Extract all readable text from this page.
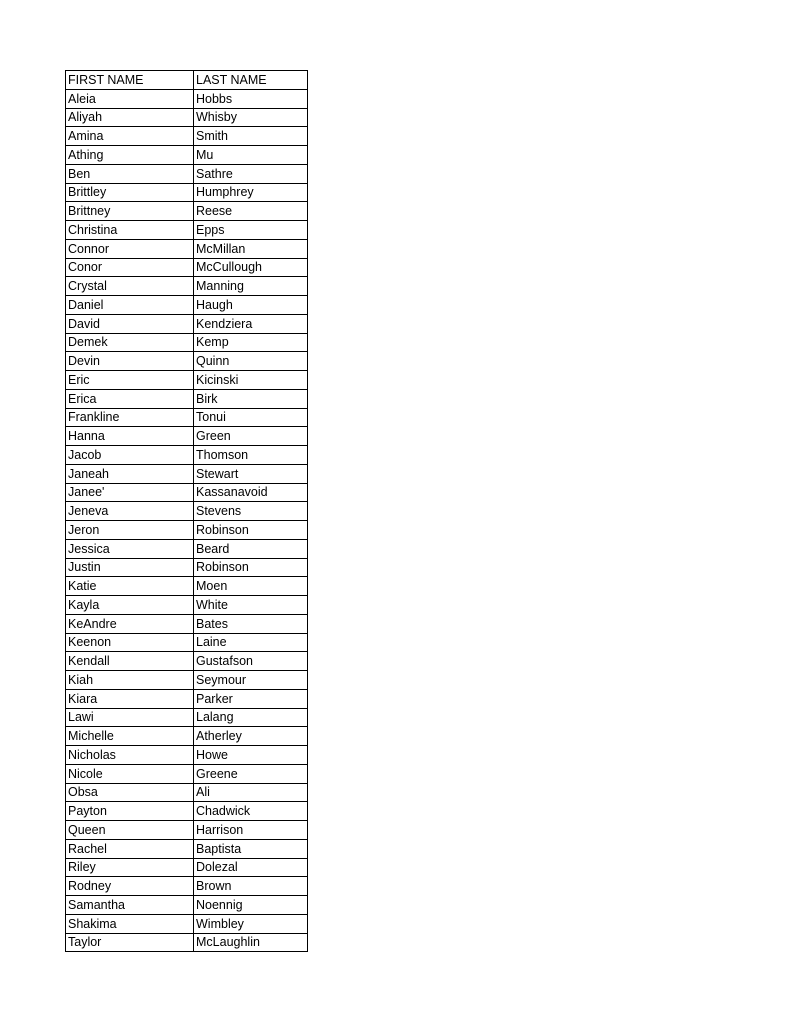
FIRST NAME	LAST NAME
Aleia	Hobbs
Aliyah	Whisby
Amina	Smith
Athing	Mu
Ben	Sathre
Brittley	Humphrey
Brittney	Reese
Christina	Epps
Connor	McMillan
Conor	McCullough
Crystal	Manning
Daniel	Haugh
David	Kendziera
Demek	Kemp
Devin	Quinn
Eric	Kicinski
Erica	Birk
Frankline	Tonui
Hanna	Green
Jacob	Thomson
Janeah	Stewart
Janee'	Kassanavoid
Jeneva	Stevens
Jeron	Robinson
Jessica	Beard
Justin	Robinson
Katie	Moen
Kayla	White
KeAndre	Bates
Keenon	Laine
Kendall	Gustafson
Kiah	Seymour
Kiara	Parker
Lawi	Lalang
Michelle	Atherley
Nicholas	Howe
Nicole	Greene
Obsa	Ali
Payton	Chadwick
Queen	Harrison
Rachel	Baptista
Riley	Dolezal
Rodney	Brown
Samantha	Noennig
Shakima	Wimbley
Taylor	McLaughlin
